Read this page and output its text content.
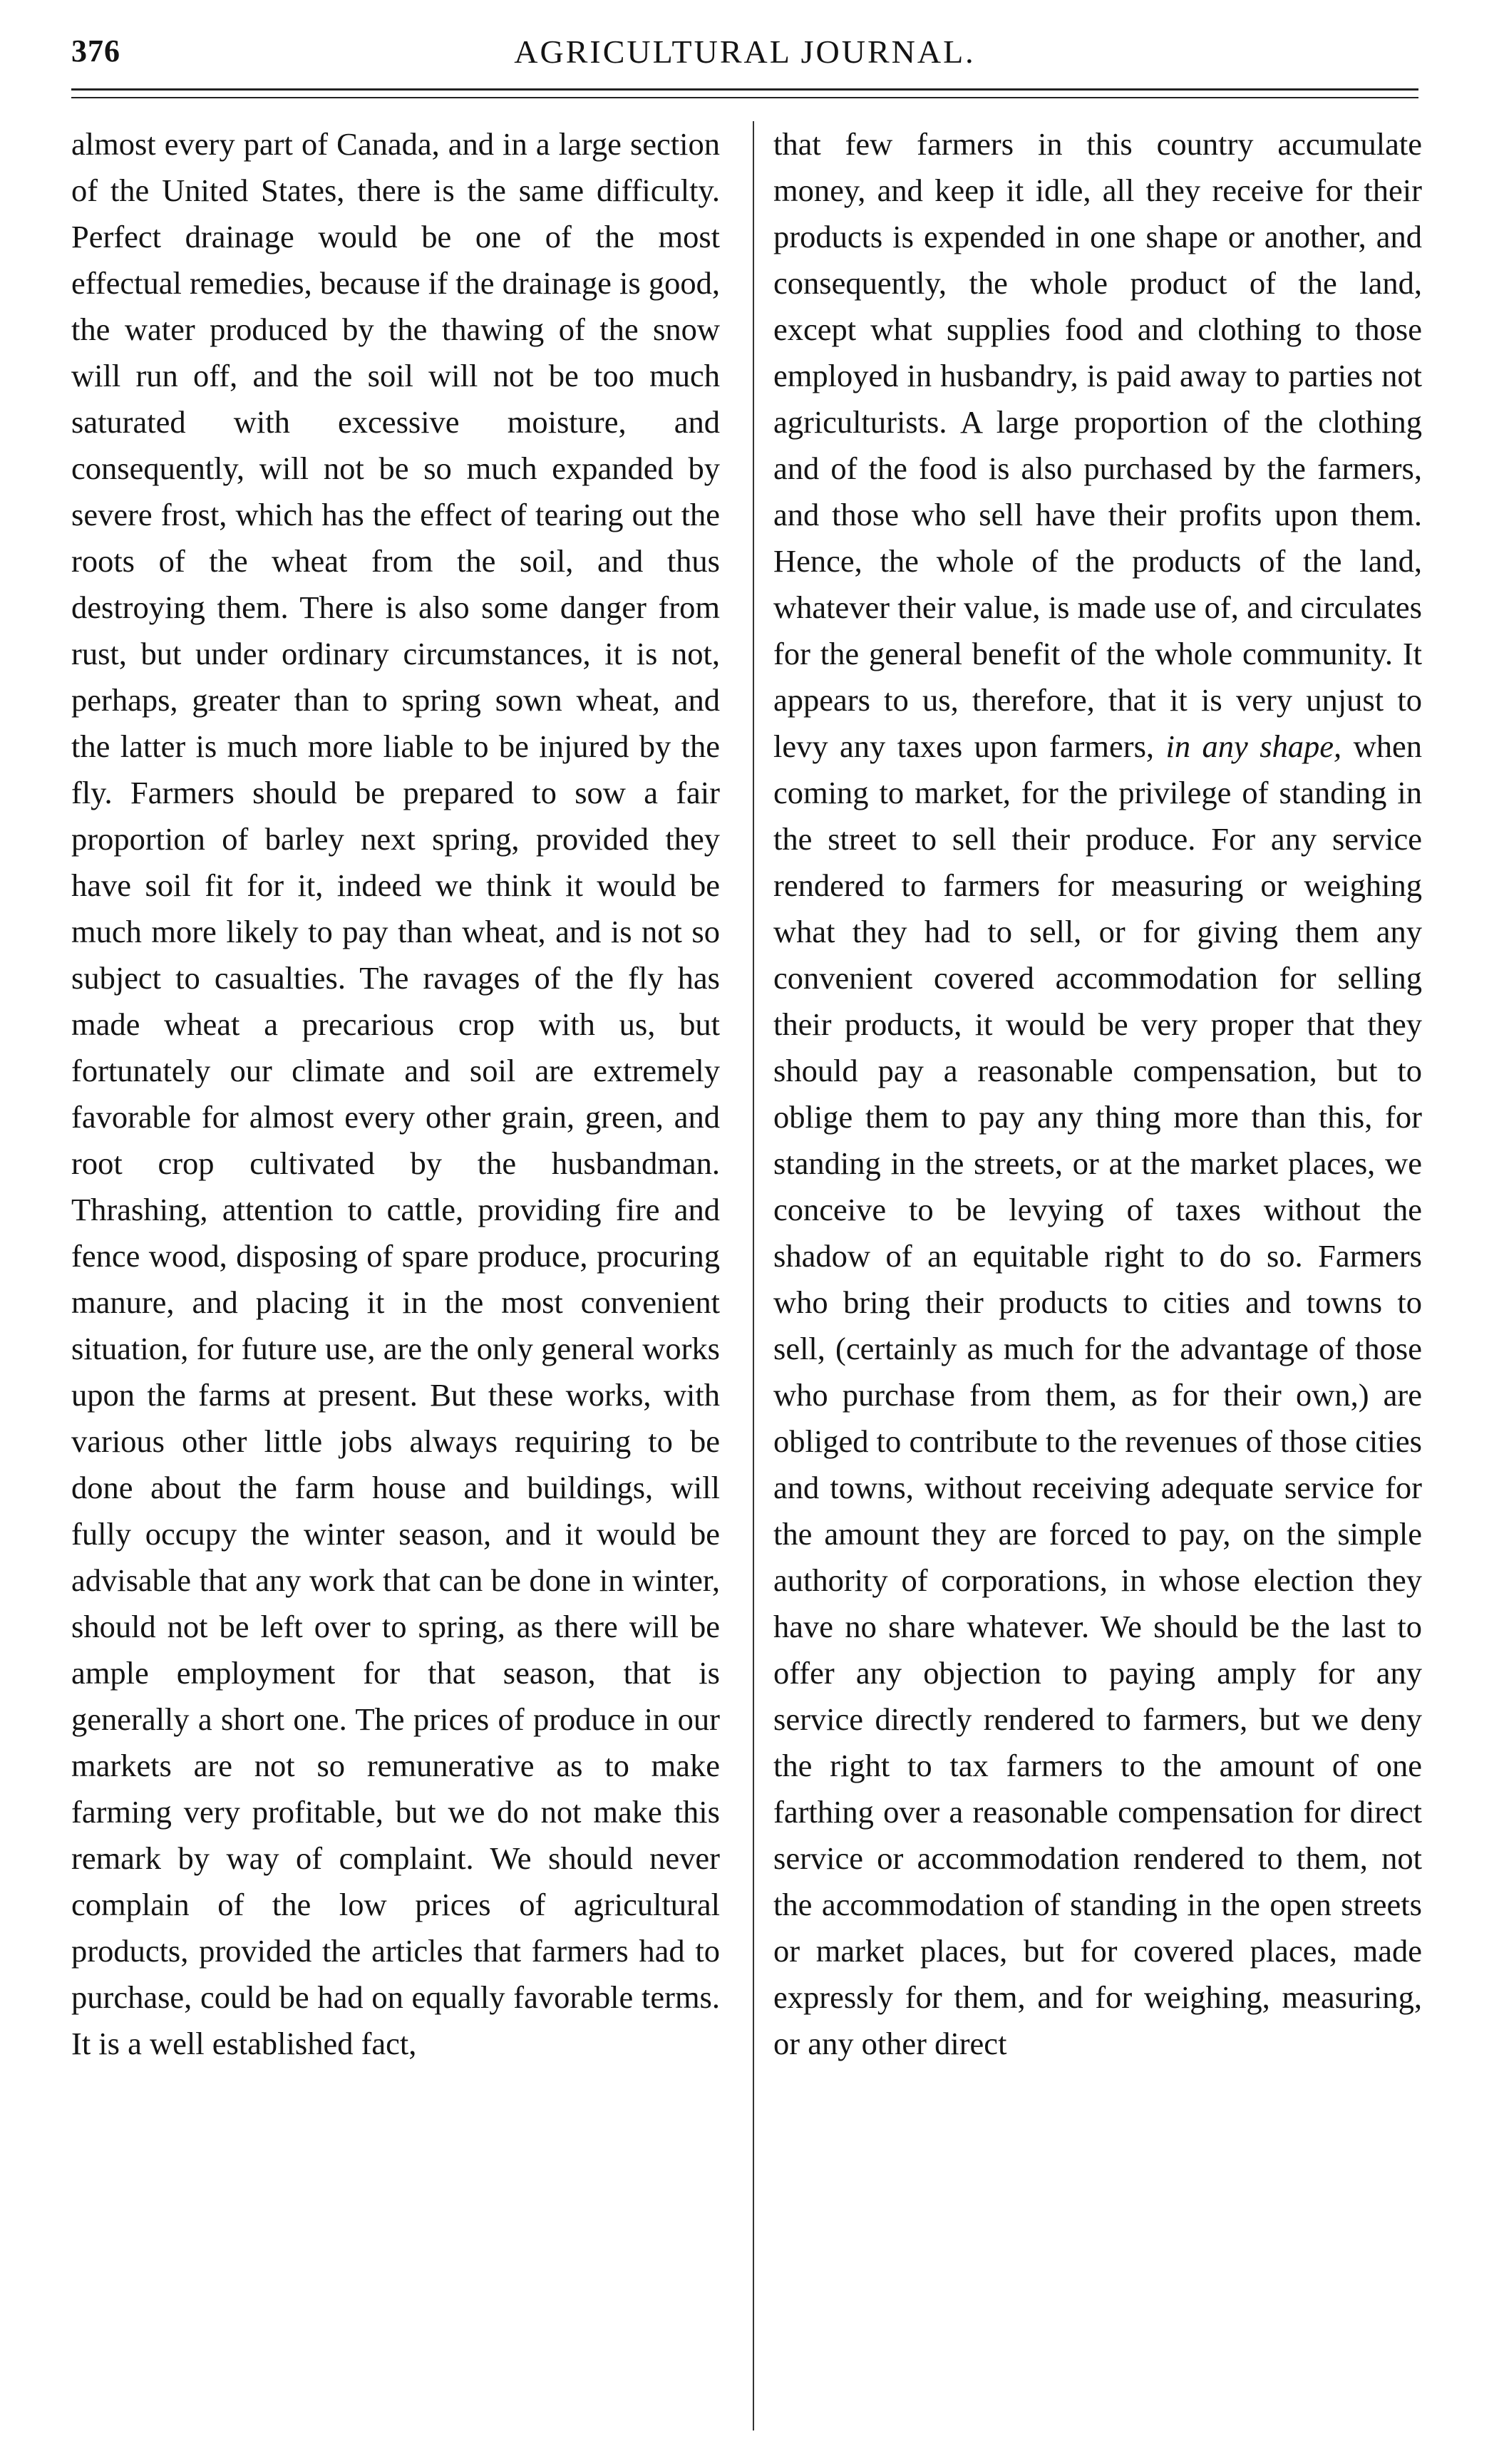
376	AGRICULTURAL JOURNAL.

almost every part of Canada, and in a large section of the United States, there is the same difficulty. Perfect drainage would be one of the most effectual remedies, because if the drainage is good, the water produced by the thawing of the snow will run off, and the soil will not be too much saturated with excessive moisture, and consequently, will not be so much expanded by severe frost, which has the effect of tearing out the roots of the wheat from the soil, and thus destroying them. There is also some danger from rust, but under ordinary circumstances, it is not, perhaps, greater than to spring sown wheat, and the latter is much more liable to be injured by the fly. Farmers should be prepared to sow a fair proportion of barley next spring, provided they have soil fit for it, indeed we think it would be much more likely to pay than wheat, and is not so subject to casualties. The ravages of the fly has made wheat a precarious crop with us, but fortunately our climate and soil are extremely favorable for almost every other grain, green, and root crop cultivated by the husbandman. Thrashing, attention to cattle, providing fire and fence wood, disposing of spare produce, procuring manure, and placing it in the most convenient situation, for future use, are the only general works upon the farms at present. But these works, with various other little jobs always requiring to be done about the farm house and buildings, will fully occupy the winter season, and it would be advisable that any work that can be done in winter, should not be left over to spring, as there will be ample employment for that season, that is generally a short one. The prices of produce in our markets are not so remunerative as to make farming very profitable, but we do not make this remark by way of complaint. We should never complain of the low prices of agricultural products, provided the articles that farmers had to purchase, could be had on equally favorable terms. It is a well established fact,

that few farmers in this country accumulate money, and keep it idle, all they receive for their products is expended in one shape or another, and consequently, the whole product of the land, except what supplies food and clothing to those employed in husbandry, is paid away to parties not agriculturists. A large proportion of the clothing and of the food is also purchased by the farmers, and those who sell have their profits upon them. Hence, the whole of the products of the land, whatever their value, is made use of, and circulates for the general benefit of the whole community. It appears to us, therefore, that it is very unjust to levy any taxes upon farmers, in any shape, when coming to market, for the privilege of standing in the street to sell their produce. For any service rendered to farmers for measuring or weighing what they had to sell, or for giving them any convenient covered accommodation for selling their products, it would be very proper that they should pay a reasonable compensation, but to oblige them to pay any thing more than this, for standing in the streets, or at the market places, we conceive to be levying of taxes without the shadow of an equitable right to do so. Farmers who bring their products to cities and towns to sell, (certainly as much for the advantage of those who purchase from them, as for their own,) are obliged to contribute to the revenues of those cities and towns, without receiving adequate service for the amount they are forced to pay, on the simple authority of corporations, in whose election they have no share whatever. We should be the last to offer any objection to paying amply for any service directly rendered to farmers, but we deny the right to tax farmers to the amount of one farthing over a reasonable compensation for direct service or accommodation rendered to them, not the accommodation of standing in the open streets or market places, but for covered places, made expressly for them, and for weighing, measuring, or any other direct
